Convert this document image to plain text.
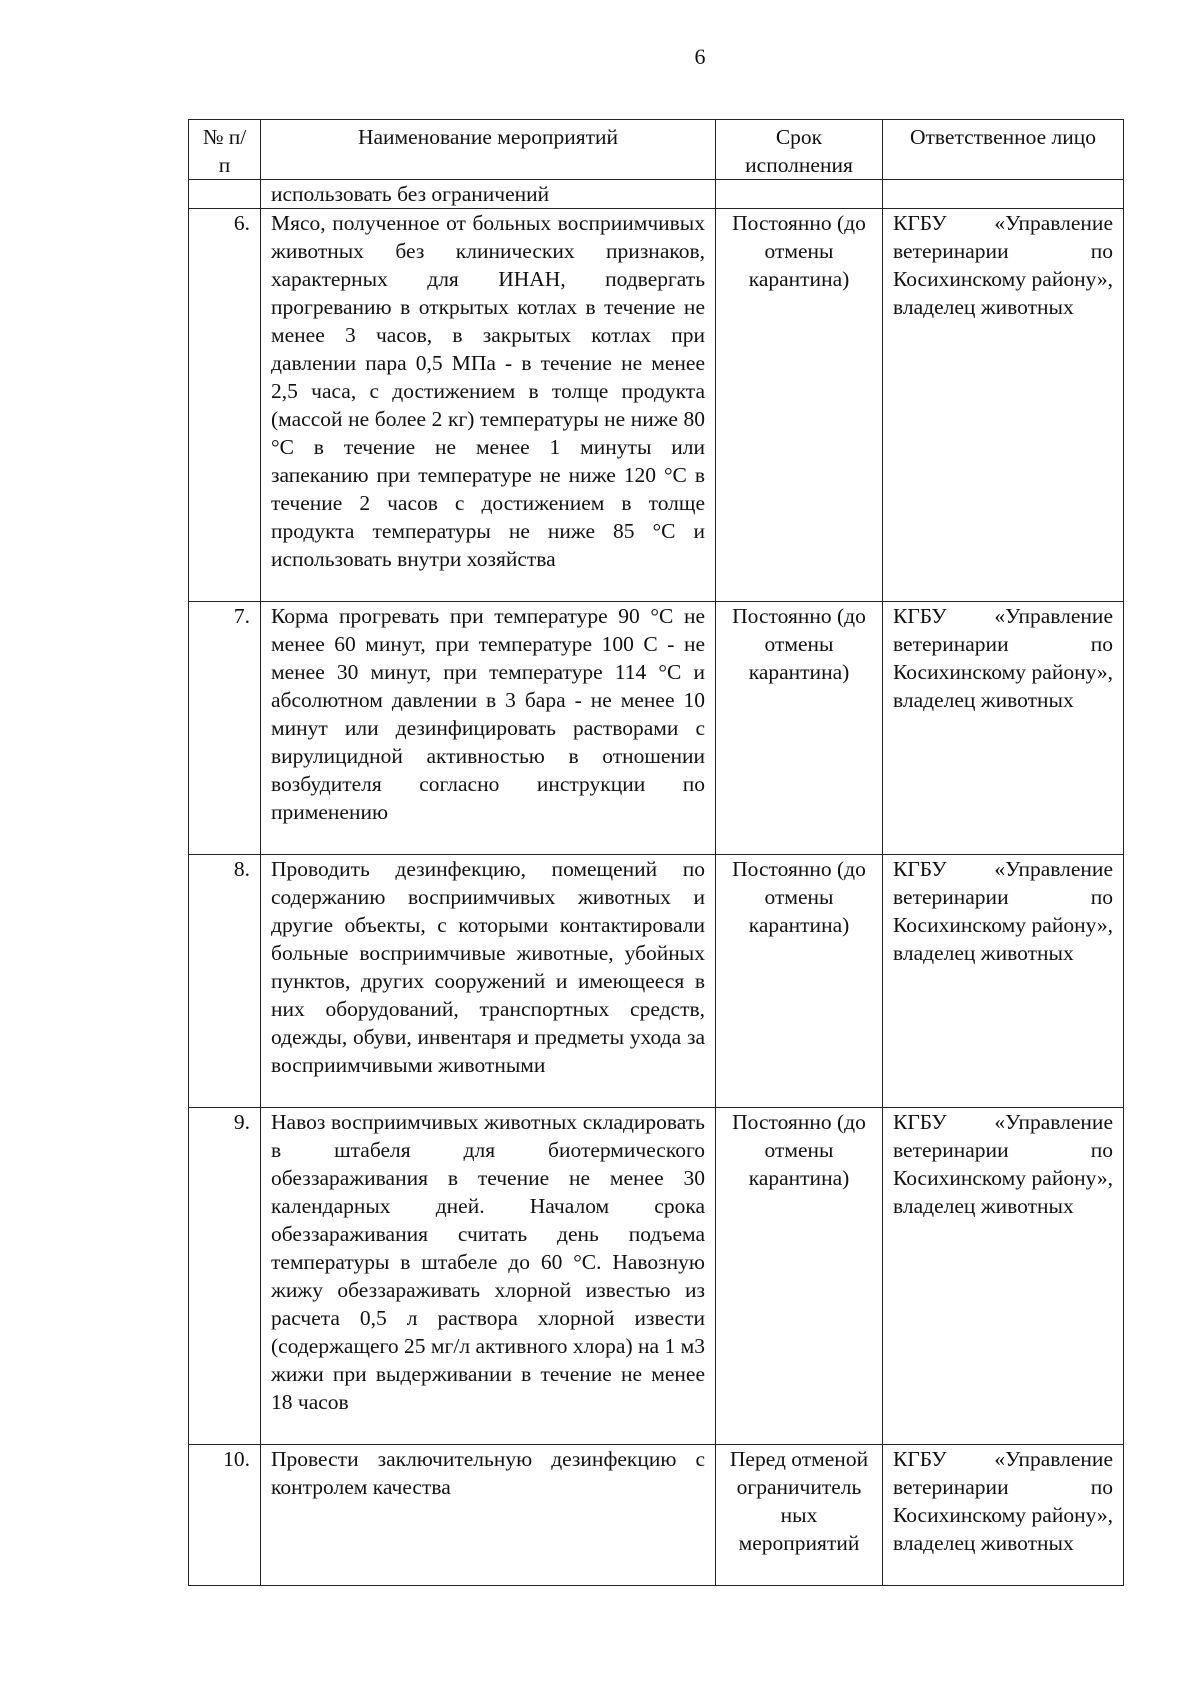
6
№ п/п	Наименование мероприятий	Срок исполнения	Ответственное лицо
	использовать без ограничений		
6.	Мясо, полученное от больных восприимчивых животных без клинических признаков, характерных для ИНАН, подвергать прогреванию в открытых котлах в течение не менее 3 часов, в закрытых котлах при давлении пара 0,5 МПа - в течение не менее 2,5 часа, с достижением в толще продукта (массой не более 2 кг) температуры не ниже 80 °С в течение не менее 1 минуты или запеканию при температуре не ниже 120 °С в течение 2 часов с достижением в толще продукта температуры не ниже 85 °С и использовать внутри хозяйства	Постоянно (до отмены карантина)	КГБУ «Управление ветеринарии по Косихинскому району», владелец животных
7.	Корма прогревать при температуре 90 °С не менее 60 минут, при температуре 100 С - не менее 30 минут, при температуре 114 °С и абсолютном давлении в 3 бара - не менее 10 минут или дезинфицировать растворами с вирулицидной активностью в отношении возбудителя согласно инструкции по применению	Постоянно (до отмены карантина)	КГБУ «Управление ветеринарии по Косихинскому району», владелец животных
8.	Проводить дезинфекцию, помещений по содержанию восприимчивых животных и другие объекты, с которыми контактировали больные восприимчивые животные, убойных пунктов, других сооружений и имеющееся в них оборудований, транспортных средств, одежды, обуви, инвентаря и предметы ухода за восприимчивыми животными	Постоянно (до отмены карантина)	КГБУ «Управление ветеринарии по Косихинскому району», владелец животных
9.	Навоз восприимчивых животных складировать в штабеля для биотермического обеззараживания в течение не менее 30 календарных дней. Началом срока обеззараживания считать день подъема температуры в штабеле до 60 °С. Навозную жижу обеззараживать хлорной известью из расчета 0,5 л раствора хлорной извести (содержащего 25 мг/л активного хлора) на 1 м3 жижи при выдерживании в течение не менее 18 часов	Постоянно (до отмены карантина)	КГБУ «Управление ветеринарии по Косихинскому району», владелец животных
10.	Провести заключительную дезинфекцию с контролем качества	Перед отменой ограничитель ных мероприятий	КГБУ «Управление ветеринарии по Косихинскому району», владелец животных
